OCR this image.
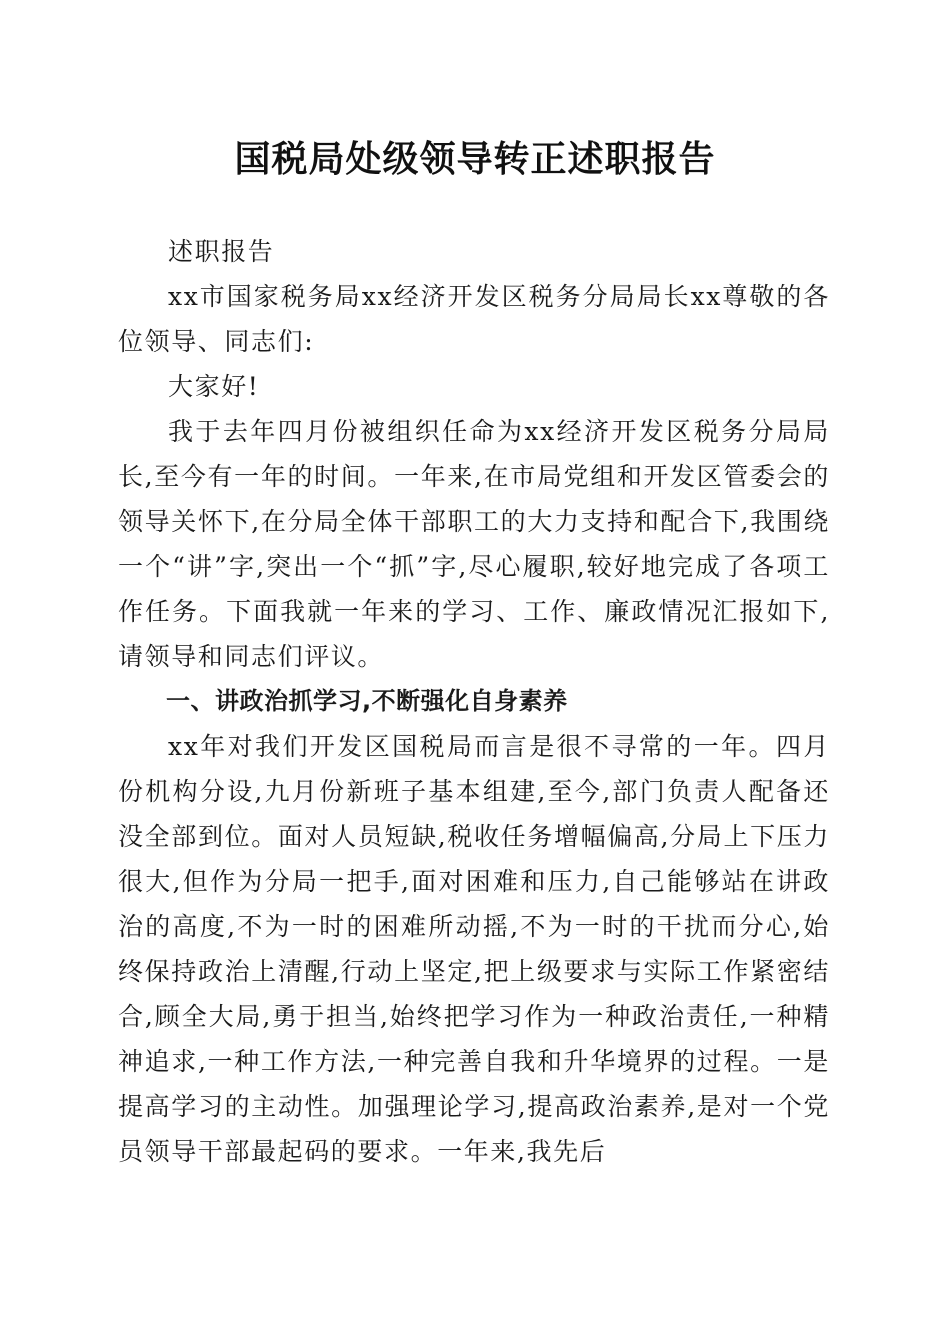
国税局处级领导转正述职报告

述职报告

xx市国家税务局xx经济开发区税务分局局长xx尊敬的各位领导、同志们:

大家好!

我于去年四月份被组织任命为xx经济开发区税务分局局长,至今有一年的时间。一年来,在市局党组和开发区管委会的领导关怀下,在分局全体干部职工的大力支持和配合下,我围绕一个“讲”字,突出一个“抓”字,尽心履职,较好地完成了各项工作任务。下面我就一年来的学习、工作、廉政情况汇报如下,请领导和同志们评议。

一、讲政治抓学习,不断强化自身素养

xx年对我们开发区国税局而言是很不寻常的一年。四月份机构分设,九月份新班子基本组建,至今,部门负责人配备还没全部到位。面对人员短缺,税收任务增幅偏高,分局上下压力很大,但作为分局一把手,面对困难和压力,自己能够站在讲政治的高度,不为一时的困难所动摇,不为一时的干扰而分心,始终保持政治上清醒,行动上坚定,把上级要求与实际工作紧密结合,顾全大局,勇于担当,始终把学习作为一种政治责任,一种精神追求,一种工作方法,一种完善自我和升华境界的过程。一是提高学习的主动性。加强理论学习,提高政治素养,是对一个党员领导干部最起码的要求。一年来,我先后
